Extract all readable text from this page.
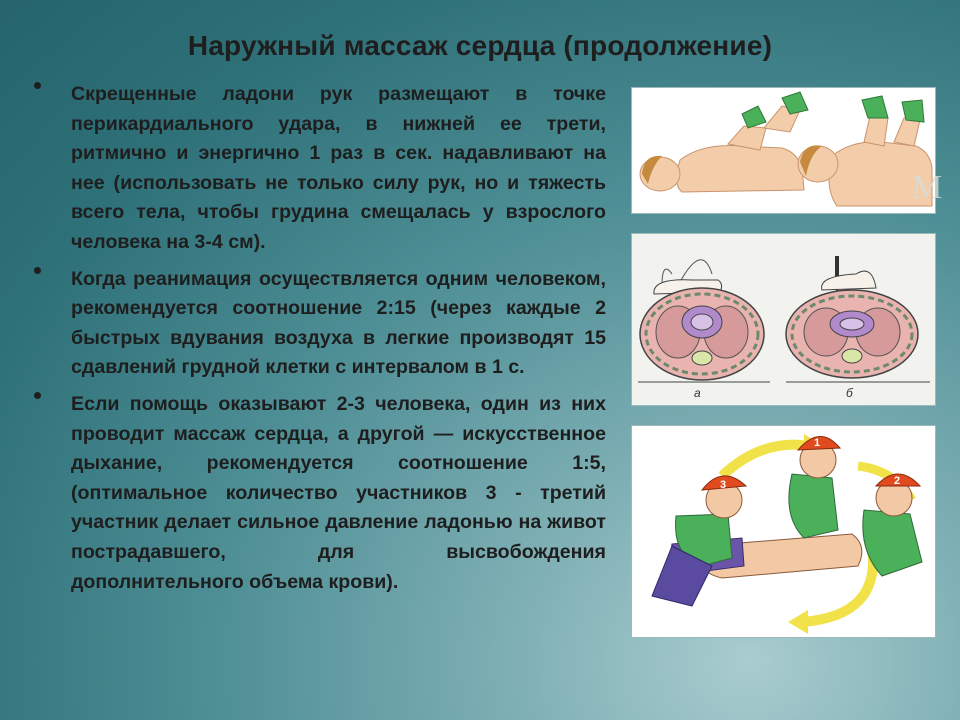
Наружный массаж сердца (продолжение)
Скрещенные ладони рук размещают в точке перикардиального удара, в нижней ее трети, ритмично и энергично 1 раз в сек. надавливают на нее (использовать не только силу рук, но и тяжесть всего тела, чтобы грудина смещалась у взрослого человека на 3-4 см).
Когда реанимация осуществляется одним человеком, рекомендуется соотношение 2:15 (через каждые 2 быстрых вдувания воздуха в легкие производят 15 сдавлений грудной клетки с интервалом в 1 с.
Если помощь оказывают 2-3 человека, один из них проводит массаж сердца, а другой — искусственное дыхание, рекомендуется соотношение 1:5, (оптимальное количество участников 3 - третий участник делает сильное давление ладонью на живот пострадавшего, для высвобождения дополнительного объема крови).
М
а	б
3
1
2
